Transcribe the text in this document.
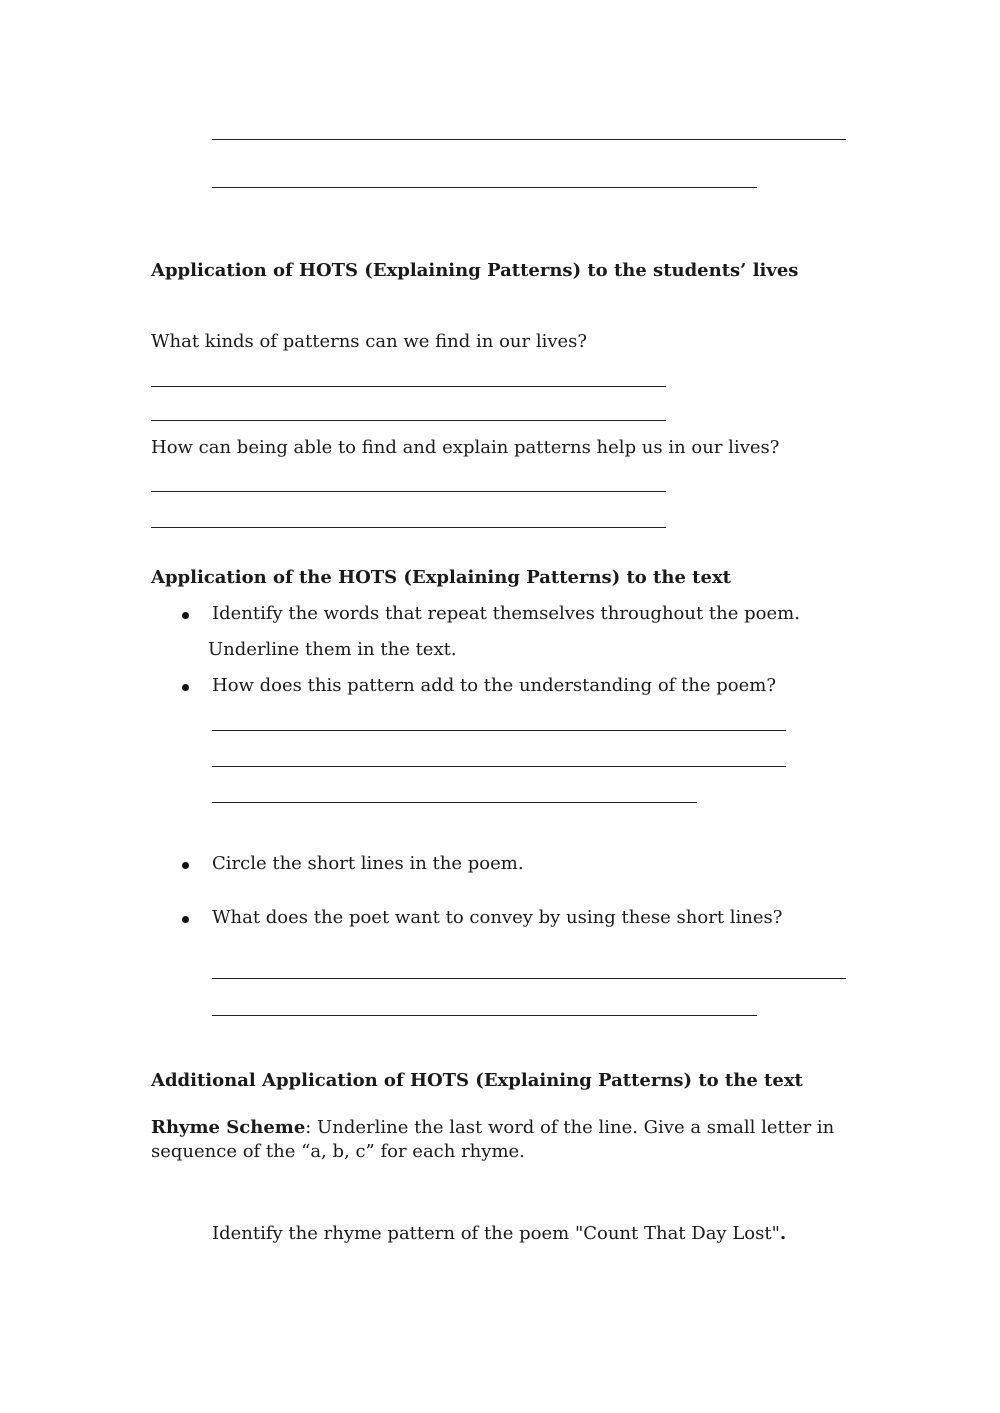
Application of HOTS (Explaining Patterns) to the students’ lives
What kinds of patterns can we find in our lives?
How can being able to find and explain patterns help us in our lives?
Application of the HOTS (Explaining Patterns) to the text
Identify the words that repeat themselves throughout the poem.
Underline them in the text.
How does this pattern add to the understanding of the poem?
Circle the short lines in the poem.
What does the poet want to convey by using these short lines?
Additional Application of HOTS (Explaining Patterns) to the text
Rhyme Scheme: Underline the last word of the line. Give a small letter in
sequence of the “a, b, c” for each rhyme.
Identify the rhyme pattern of the poem "Count That Day Lost".
